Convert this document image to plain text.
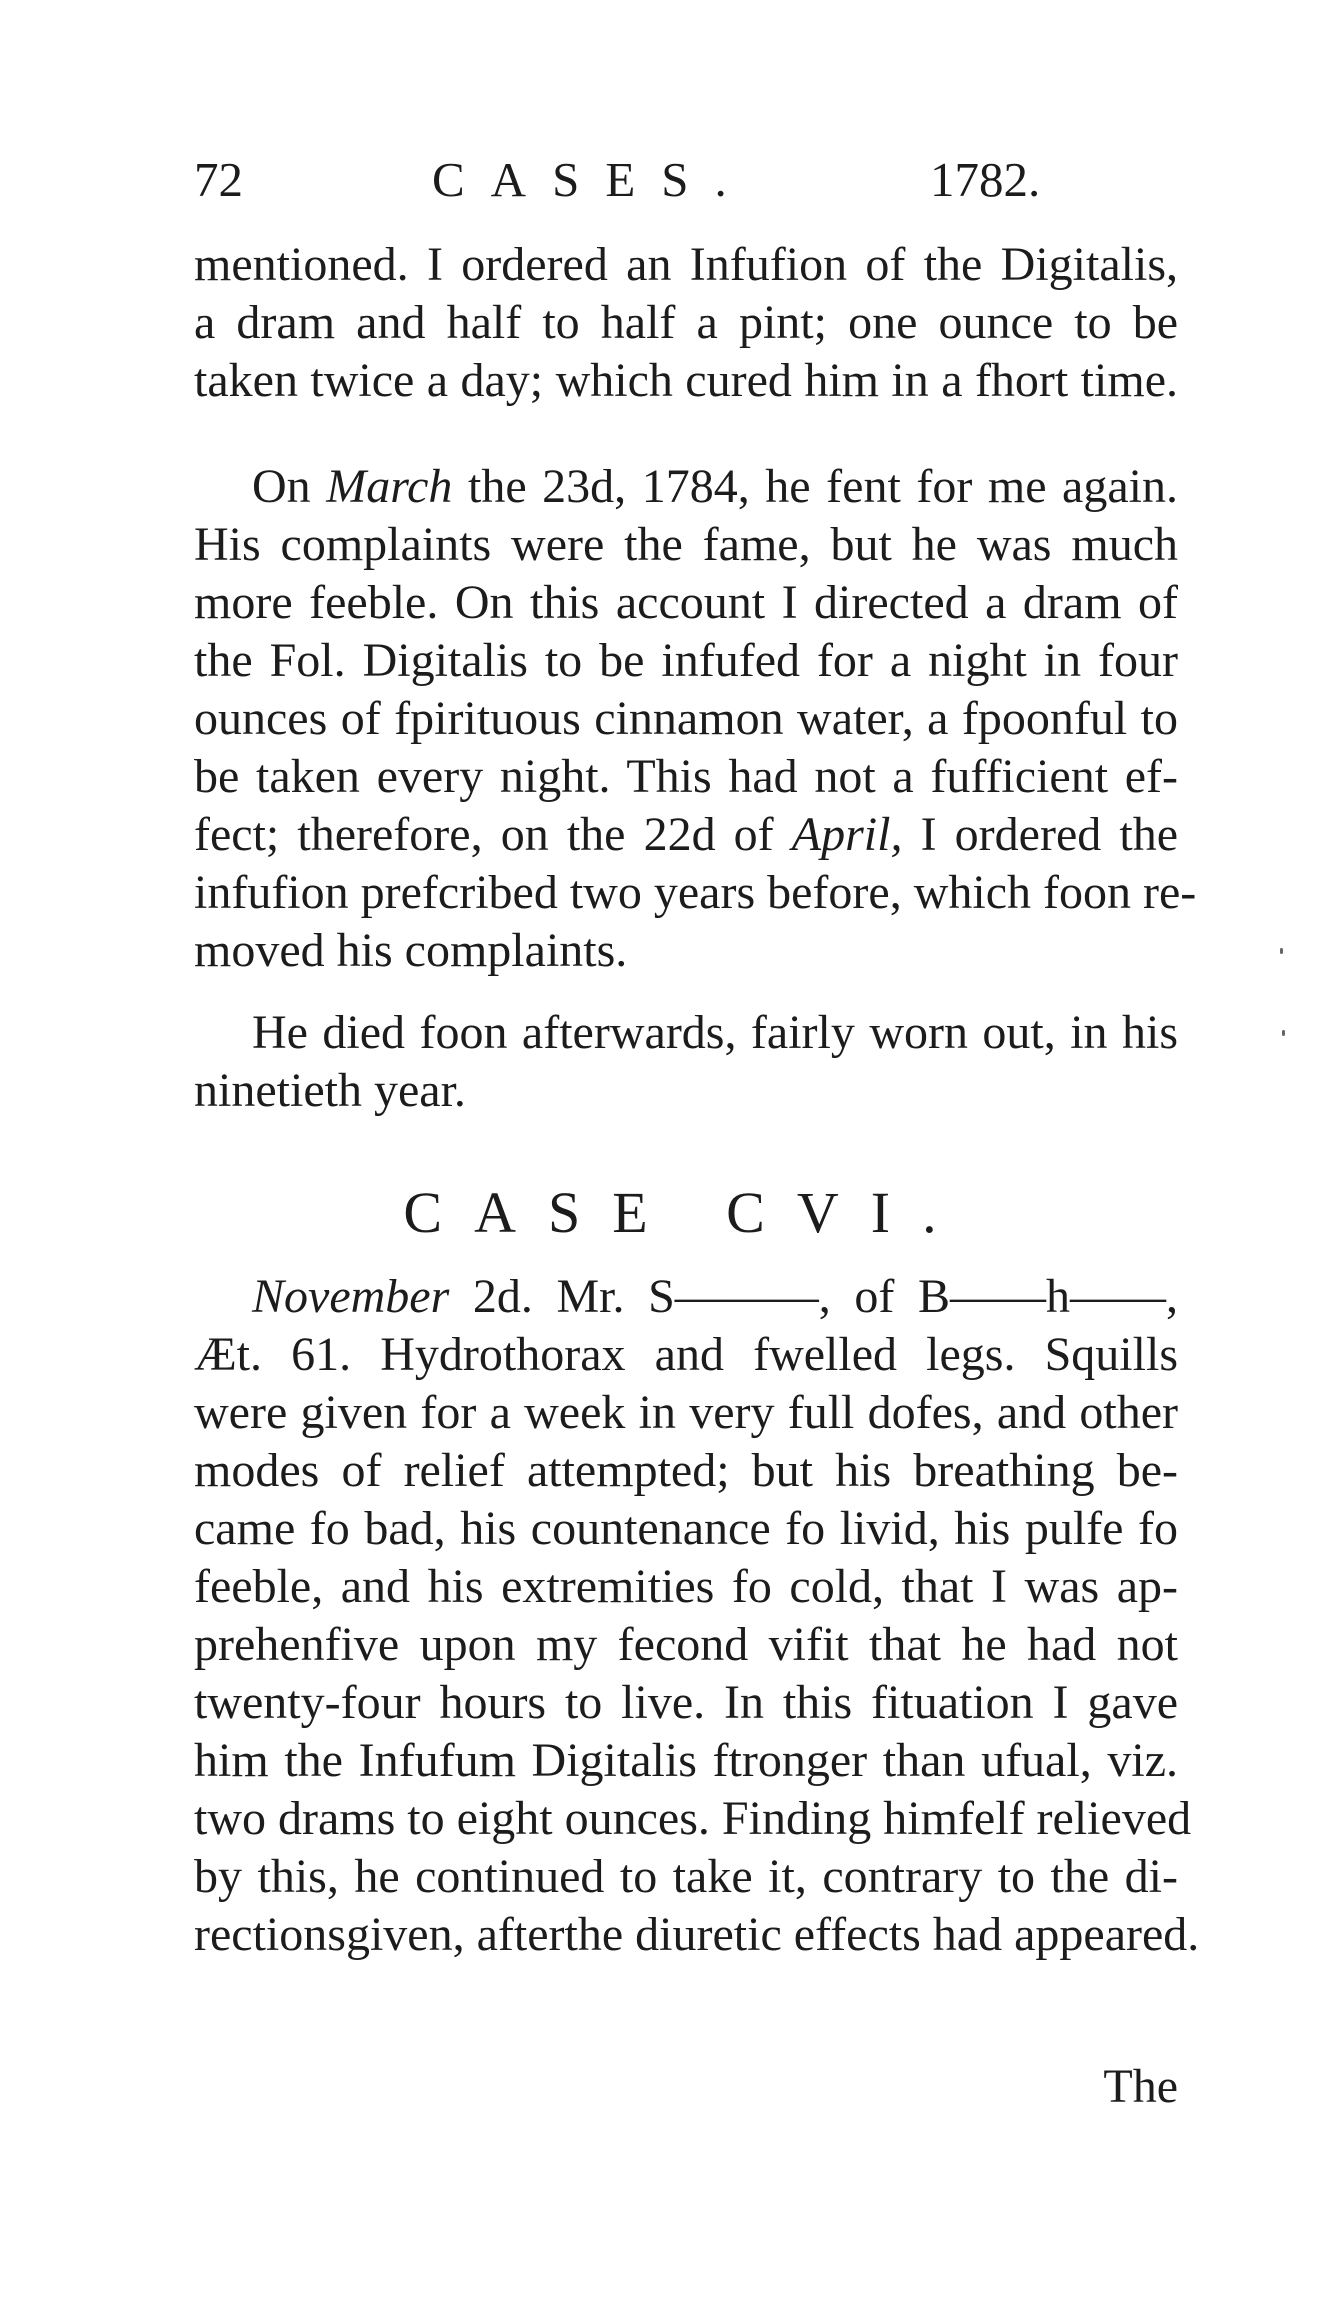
72	CASES.	1782.
mentioned. I ordered an Infufion of the Digitalis,
a dram and half to half a pint; one ounce to be
taken twice a day; which cured him in a fhort time.
On March the 23d, 1784, he fent for me again.
His complaints were the fame, but he was much
more feeble. On this account I directed a dram of
the Fol. Digitalis to be infufed for a night in four
ounces of fpirituous cinnamon water, a fpoonful to
be taken every night. This had not a fufficient ef-
fect; therefore, on the 22d of April, I ordered the
infufion prefcribed two years before, which foon re-
moved his complaints.
He died foon afterwards, fairly worn out, in his
ninetieth year.
CASE CVI.
November 2d. Mr. S———, of B——h——,
Æt. 61. Hydrothorax and fwelled legs. Squills
were given for a week in very full dofes, and other
modes of relief attempted; but his breathing be-
came fo bad, his countenance fo livid, his pulfe fo
feeble, and his extremities fo cold, that I was ap-
prehenfive upon my fecond vifit that he had not
twenty-four hours to live. In this fituation I gave
him the Infufum Digitalis ftronger than ufual, viz.
two drams to eight ounces. Finding himfelf relieved
by this, he continued to take it, contrary to the di-
rectionsgiven, afterthe diuretic effects had appeared.
The
